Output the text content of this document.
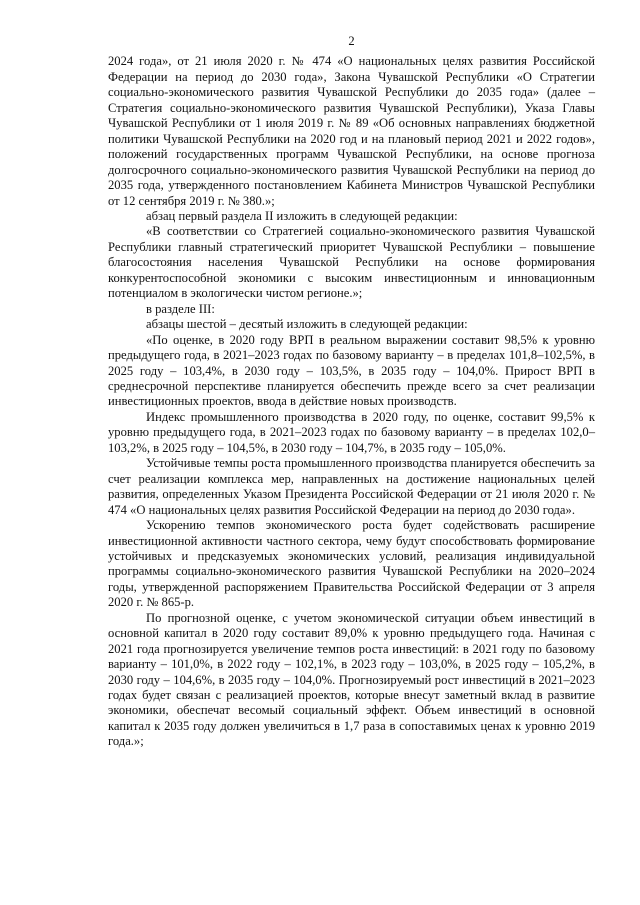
2

2024 года», от 21 июля 2020 г. № 474 «О национальных целях развития Российской Федерации на период до 2030 года», Закона Чувашской Республики «О Стратегии социально-экономического развития Чувашской Республики до 2035 года» (далее – Стратегия социально-экономического развития Чувашской Республики), Указа Главы Чувашской Республики от 1 июля 2019 г. № 89 «Об основных направлениях бюджетной политики Чувашской Республики на 2020 год и на плановый период 2021 и 2022 годов», положений государственных программ Чувашской Республики, на основе прогноза долгосрочного социально-экономического развития Чувашской Республики на период до 2035 года, утвержденного постановлением Кабинета Министров Чувашской Республики от 12 сентября 2019 г. № 380.»;

абзац первый раздела II изложить в следующей редакции:

«В соответствии со Стратегией социально-экономического развития Чувашской Республики главный стратегический приоритет Чувашской Республики – повышение благосостояния населения Чувашской Республики на основе формирования конкурентоспособной экономики с высоким инвестиционным и инновационным потенциалом в экологически чистом регионе.»;

в разделе III:

абзацы шестой – десятый изложить в следующей редакции:

«По оценке, в 2020 году ВРП в реальном выражении составит 98,5% к уровню предыдущего года, в 2021–2023 годах по базовому варианту – в пределах 101,8–102,5%, в 2025 году – 103,4%, в 2030 году – 103,5%, в 2035 году – 104,0%. Прирост ВРП в среднесрочной перспективе планируется обеспечить прежде всего за счет реализации инвестиционных проектов, ввода в действие новых производств.

Индекс промышленного производства в 2020 году, по оценке, составит 99,5% к уровню предыдущего года, в 2021–2023 годах по базовому варианту – в пределах 102,0–103,2%, в 2025 году – 104,5%, в 2030 году – 104,7%, в 2035 году – 105,0%.

Устойчивые темпы роста промышленного производства планируется обеспечить за счет реализации комплекса мер, направленных на достижение национальных целей развития, определенных Указом Президента Российской Федерации от 21 июля 2020 г. № 474 «О национальных целях развития Российской Федерации на период до 2030 года».

Ускорению темпов экономического роста будет содействовать расширение инвестиционной активности частного сектора, чему будут способствовать формирование устойчивых и предсказуемых экономических условий, реализация индивидуальной программы социально-экономического развития Чувашской Республики на 2020–2024 годы, утвержденной распоряжением Правительства Российской Федерации от 3 апреля 2020 г. № 865-р.

По прогнозной оценке, с учетом экономической ситуации объем инвестиций в основной капитал в 2020 году составит 89,0% к уровню предыдущего года. Начиная с 2021 года прогнозируется увеличение темпов роста инвестиций: в 2021 году по базовому варианту – 101,0%, в 2022 году – 102,1%, в 2023 году – 103,0%, в 2025 году – 105,2%, в 2030 году – 104,6%, в 2035 году – 104,0%. Прогнозируемый рост инвестиций в 2021–2023 годах будет связан с реализацией проектов, которые внесут заметный вклад в развитие экономики, обеспечат весомый социальный эффект. Объем инвестиций в основной капитал к 2035 году должен увеличиться в 1,7 раза в сопоставимых ценах к уровню 2019 года.»;
